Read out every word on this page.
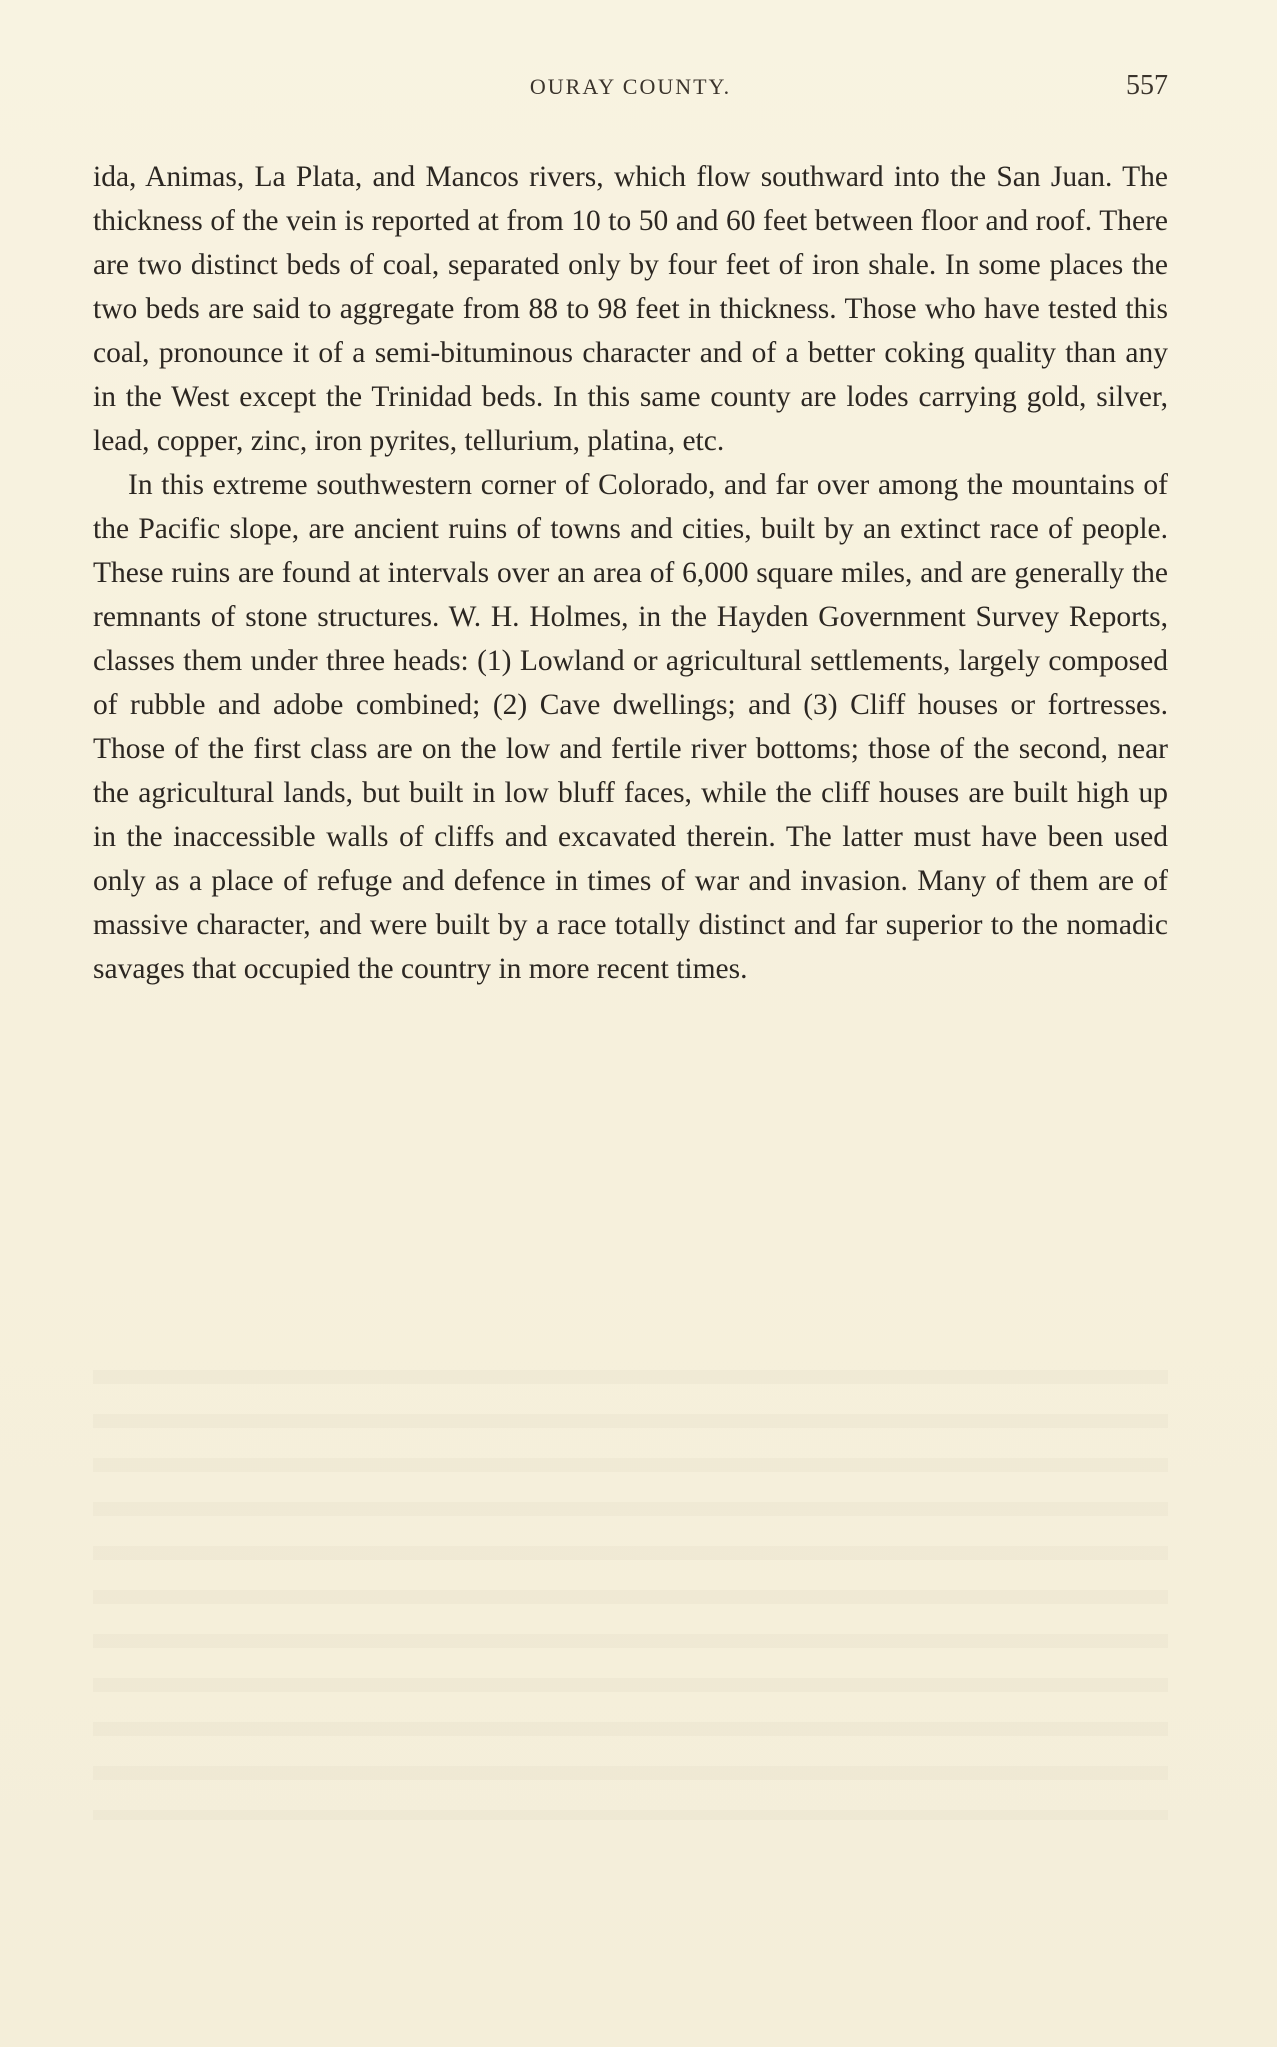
OURAY COUNTY.	557

ida, Animas, La Plata, and Mancos rivers, which flow southward into the San Juan. The thickness of the vein is reported at from 10 to 50 and 60 feet between floor and roof. There are two distinct beds of coal, separated only by four feet of iron shale. In some places the two beds are said to aggregate from 88 to 98 feet in thickness. Those who have tested this coal, pronounce it of a semi-bituminous character and of a better coking quality than any in the West except the Trinidad beds. In this same county are lodes carrying gold, silver, lead, copper, zinc, iron pyrites, tellurium, platina, etc.

In this extreme southwestern corner of Colorado, and far over among the mountains of the Pacific slope, are ancient ruins of towns and cities, built by an extinct race of people. These ruins are found at intervals over an area of 6,000 square miles, and are generally the remnants of stone structures. W. H. Holmes, in the Hayden Government Survey Reports, classes them under three heads: (1) Lowland or agricultural settlements, largely composed of rubble and adobe combined; (2) Cave dwellings; and (3) Cliff houses or fortresses. Those of the first class are on the low and fertile river bottoms; those of the second, near the agricultural lands, but built in low bluff faces, while the cliff houses are built high up in the inaccessible walls of cliffs and excavated therein. The latter must have been used only as a place of refuge and defence in times of war and invasion. Many of them are of massive character, and were built by a race totally distinct and far superior to the nomadic savages that occupied the country in more recent times.
